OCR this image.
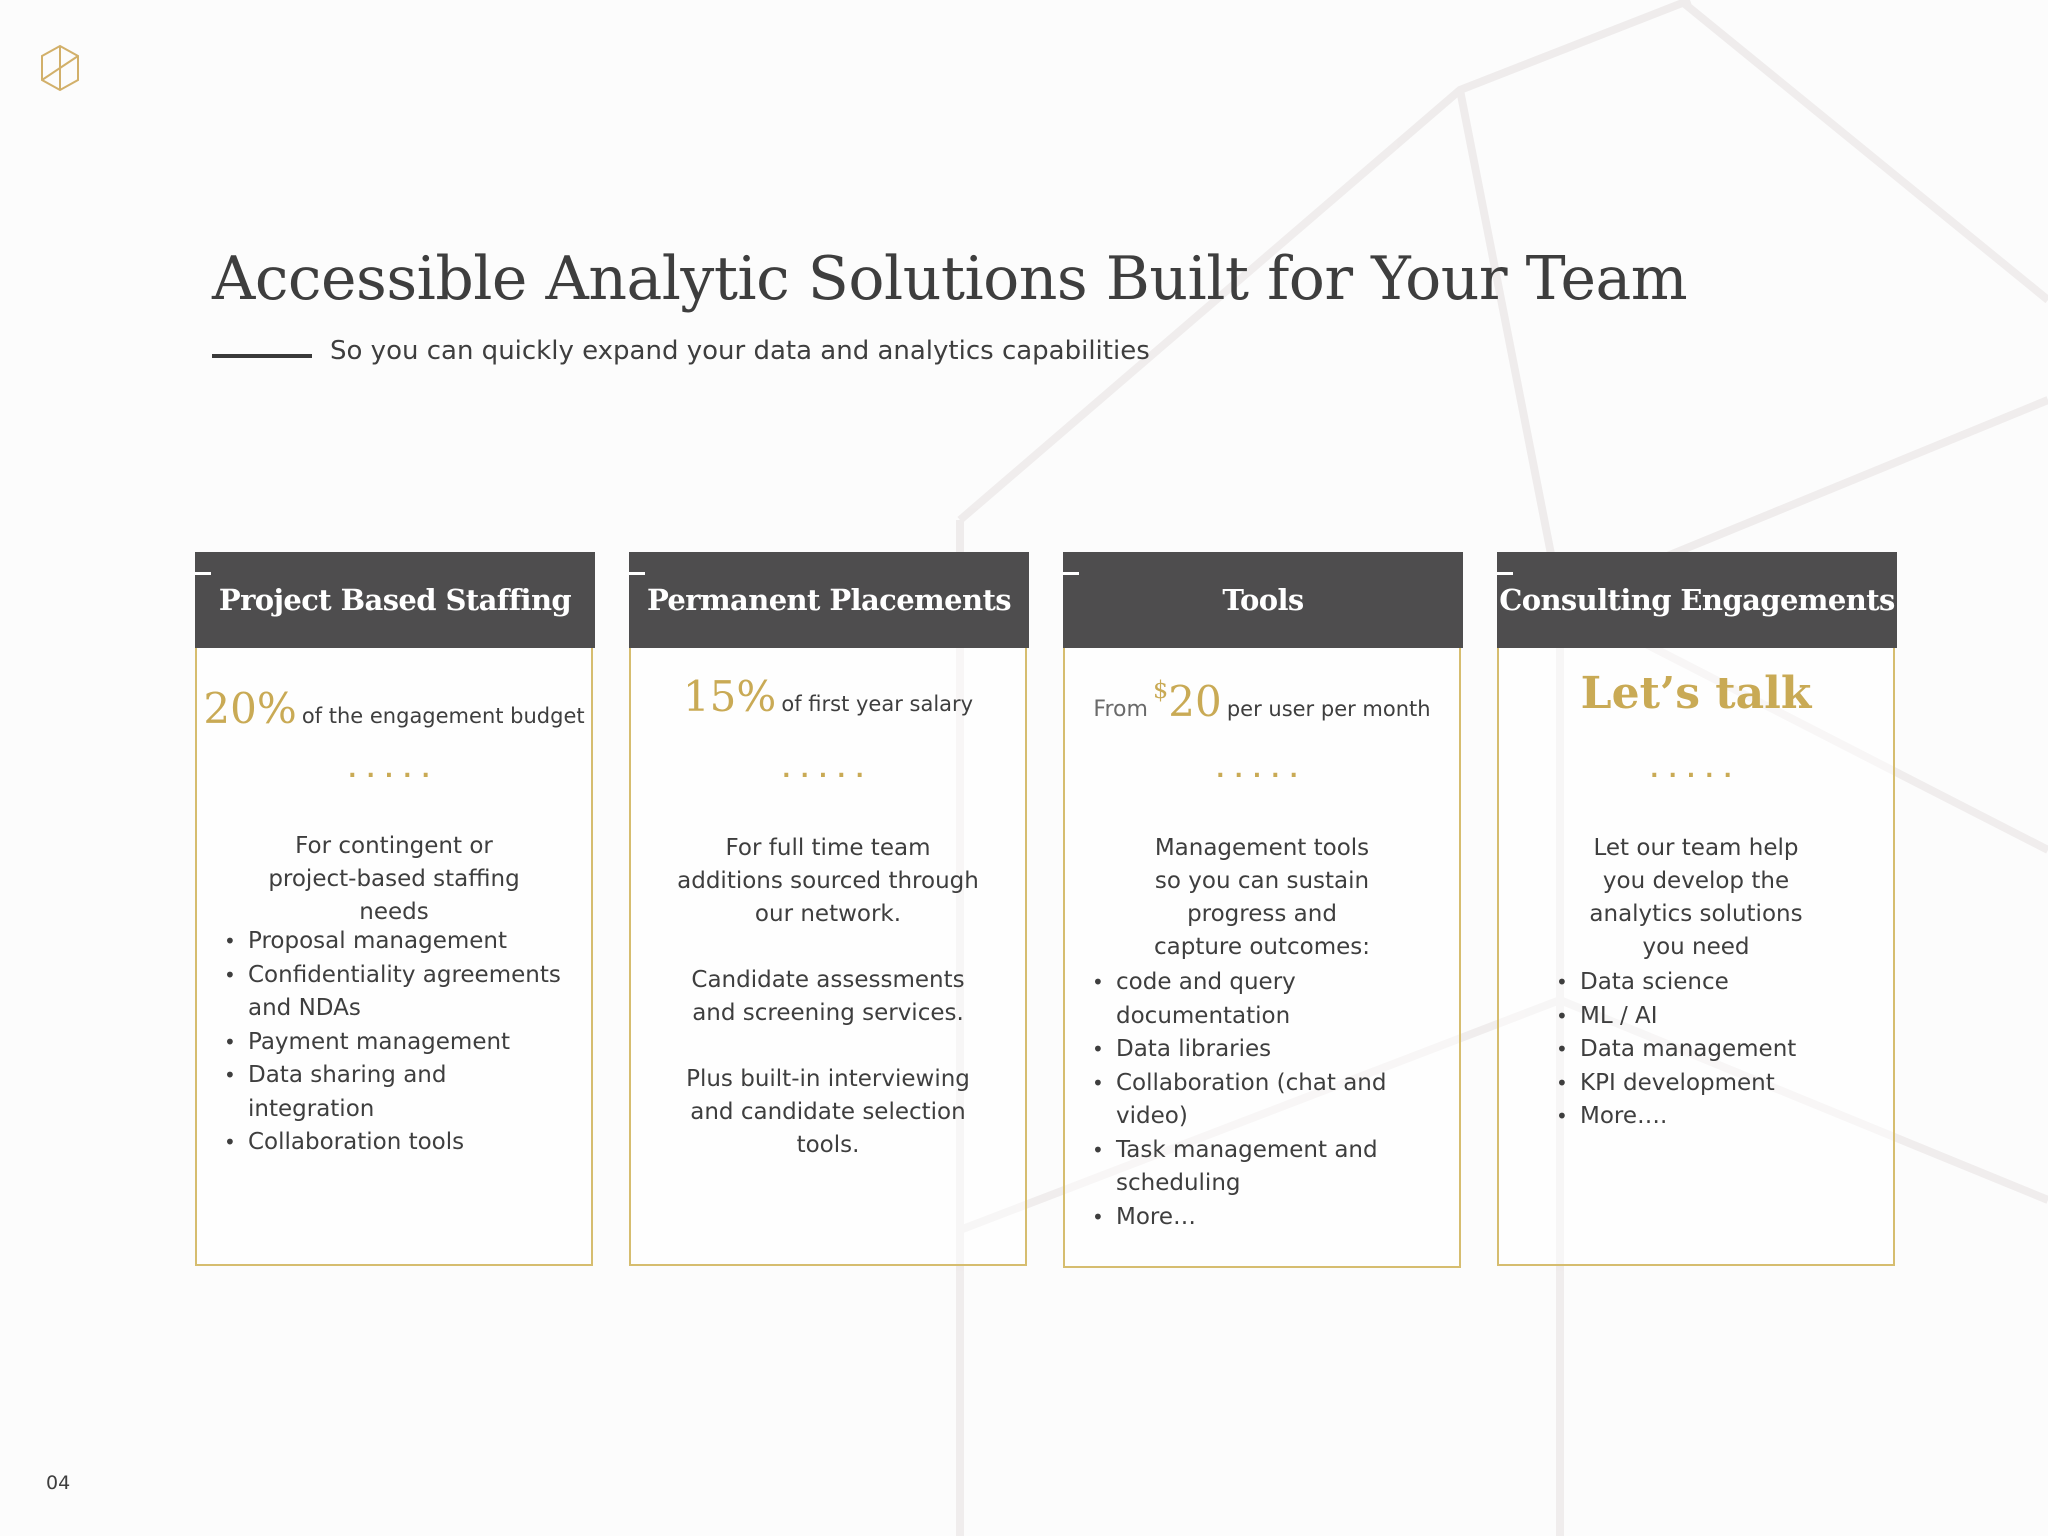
Accessible Analytic Solutions Built for Your Team
So you can quickly expand your data and analytics capabilities
Project Based Staffing
20% of the engagement budget
.....
For contingent or project-based staffing needs
• Proposal management
• Confidentiality agreements and NDAs
• Payment management
• Data sharing and integration
• Collaboration tools
Permanent Placements
15% of first year salary
.....

For full time team additions sourced through our network.

Candidate assessments and screening services.

Plus built-in interviewing and candidate selection tools.

Tools
From $20 per user per month
.....
Management tools so you can sustain progress and capture outcomes:
• code and query documentation
• Data libraries
• Collaboration (chat and video)
• Task management and scheduling
• More…
Consulting Engagements
Let’s talk
.....
Let our team help you develop the analytics solutions you need
• Data science
• ML / AI
• Data management
• KPI development
• More….
04
